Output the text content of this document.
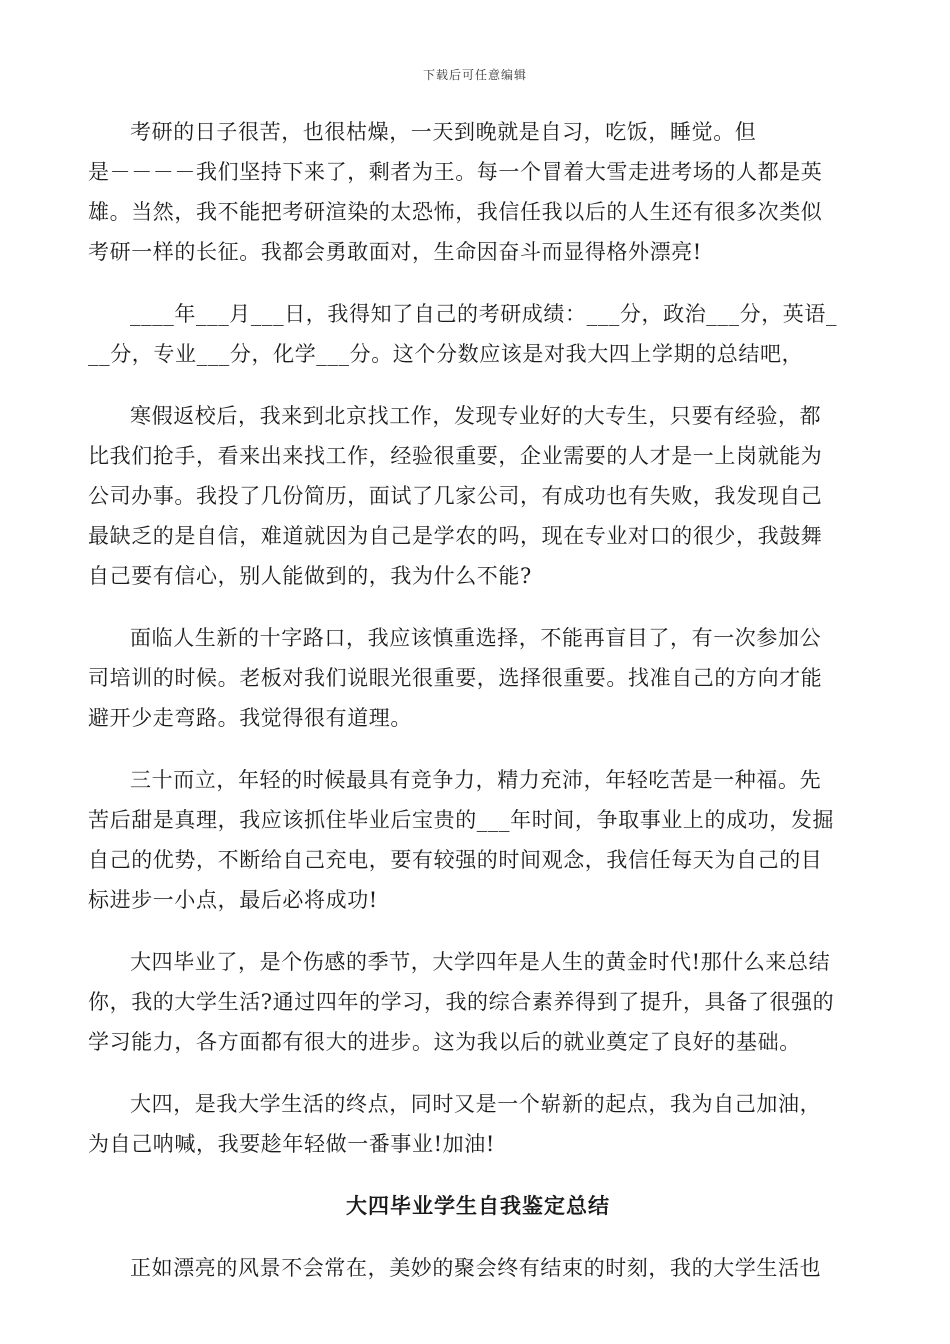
下载后可任意编辑
考研的日子很苦，也很枯燥，一天到晚就是自习，吃饭，睡觉。但
是－－－－我们坚持下来了，剩者为王。每一个冒着大雪走进考场的人都是英
雄。当然，我不能把考研渲染的太恐怖，我信任我以后的人生还有很多次类似
考研一样的长征。我都会勇敢面对，生命因奋斗而显得格外漂亮!
____年___月___日，我得知了自己的考研成绩：___分，政治___分，英语_
__分，专业___分，化学___分。这个分数应该是对我大四上学期的总结吧，
寒假返校后，我来到北京找工作，发现专业好的大专生，只要有经验，都
比我们抢手，看来出来找工作，经验很重要，企业需要的人才是一上岗就能为
公司办事。我投了几份简历，面试了几家公司，有成功也有失败，我发现自己
最缺乏的是自信，难道就因为自己是学农的吗，现在专业对口的很少，我鼓舞
自己要有信心，别人能做到的，我为什么不能?
面临人生新的十字路口，我应该慎重选择，不能再盲目了，有一次参加公
司培训的时候。老板对我们说眼光很重要，选择很重要。找准自己的方向才能
避开少走弯路。我觉得很有道理。
三十而立，年轻的时候最具有竞争力，精力充沛，年轻吃苦是一种福。先
苦后甜是真理，我应该抓住毕业后宝贵的___年时间，争取事业上的成功，发掘
自己的优势，不断给自己充电，要有较强的时间观念，我信任每天为自己的目
标进步一小点，最后必将成功!
大四毕业了，是个伤感的季节，大学四年是人生的黄金时代!那什么来总结
你，我的大学生活?通过四年的学习，我的综合素养得到了提升，具备了很强的
学习能力，各方面都有很大的进步。这为我以后的就业奠定了良好的基础。
大四，是我大学生活的终点，同时又是一个崭新的起点，我为自己加油，
为自己呐喊，我要趁年轻做一番事业!加油!
大四毕业学生自我鉴定总结
正如漂亮的风景不会常在，美妙的聚会终有结束的时刻，我的大学生活也
